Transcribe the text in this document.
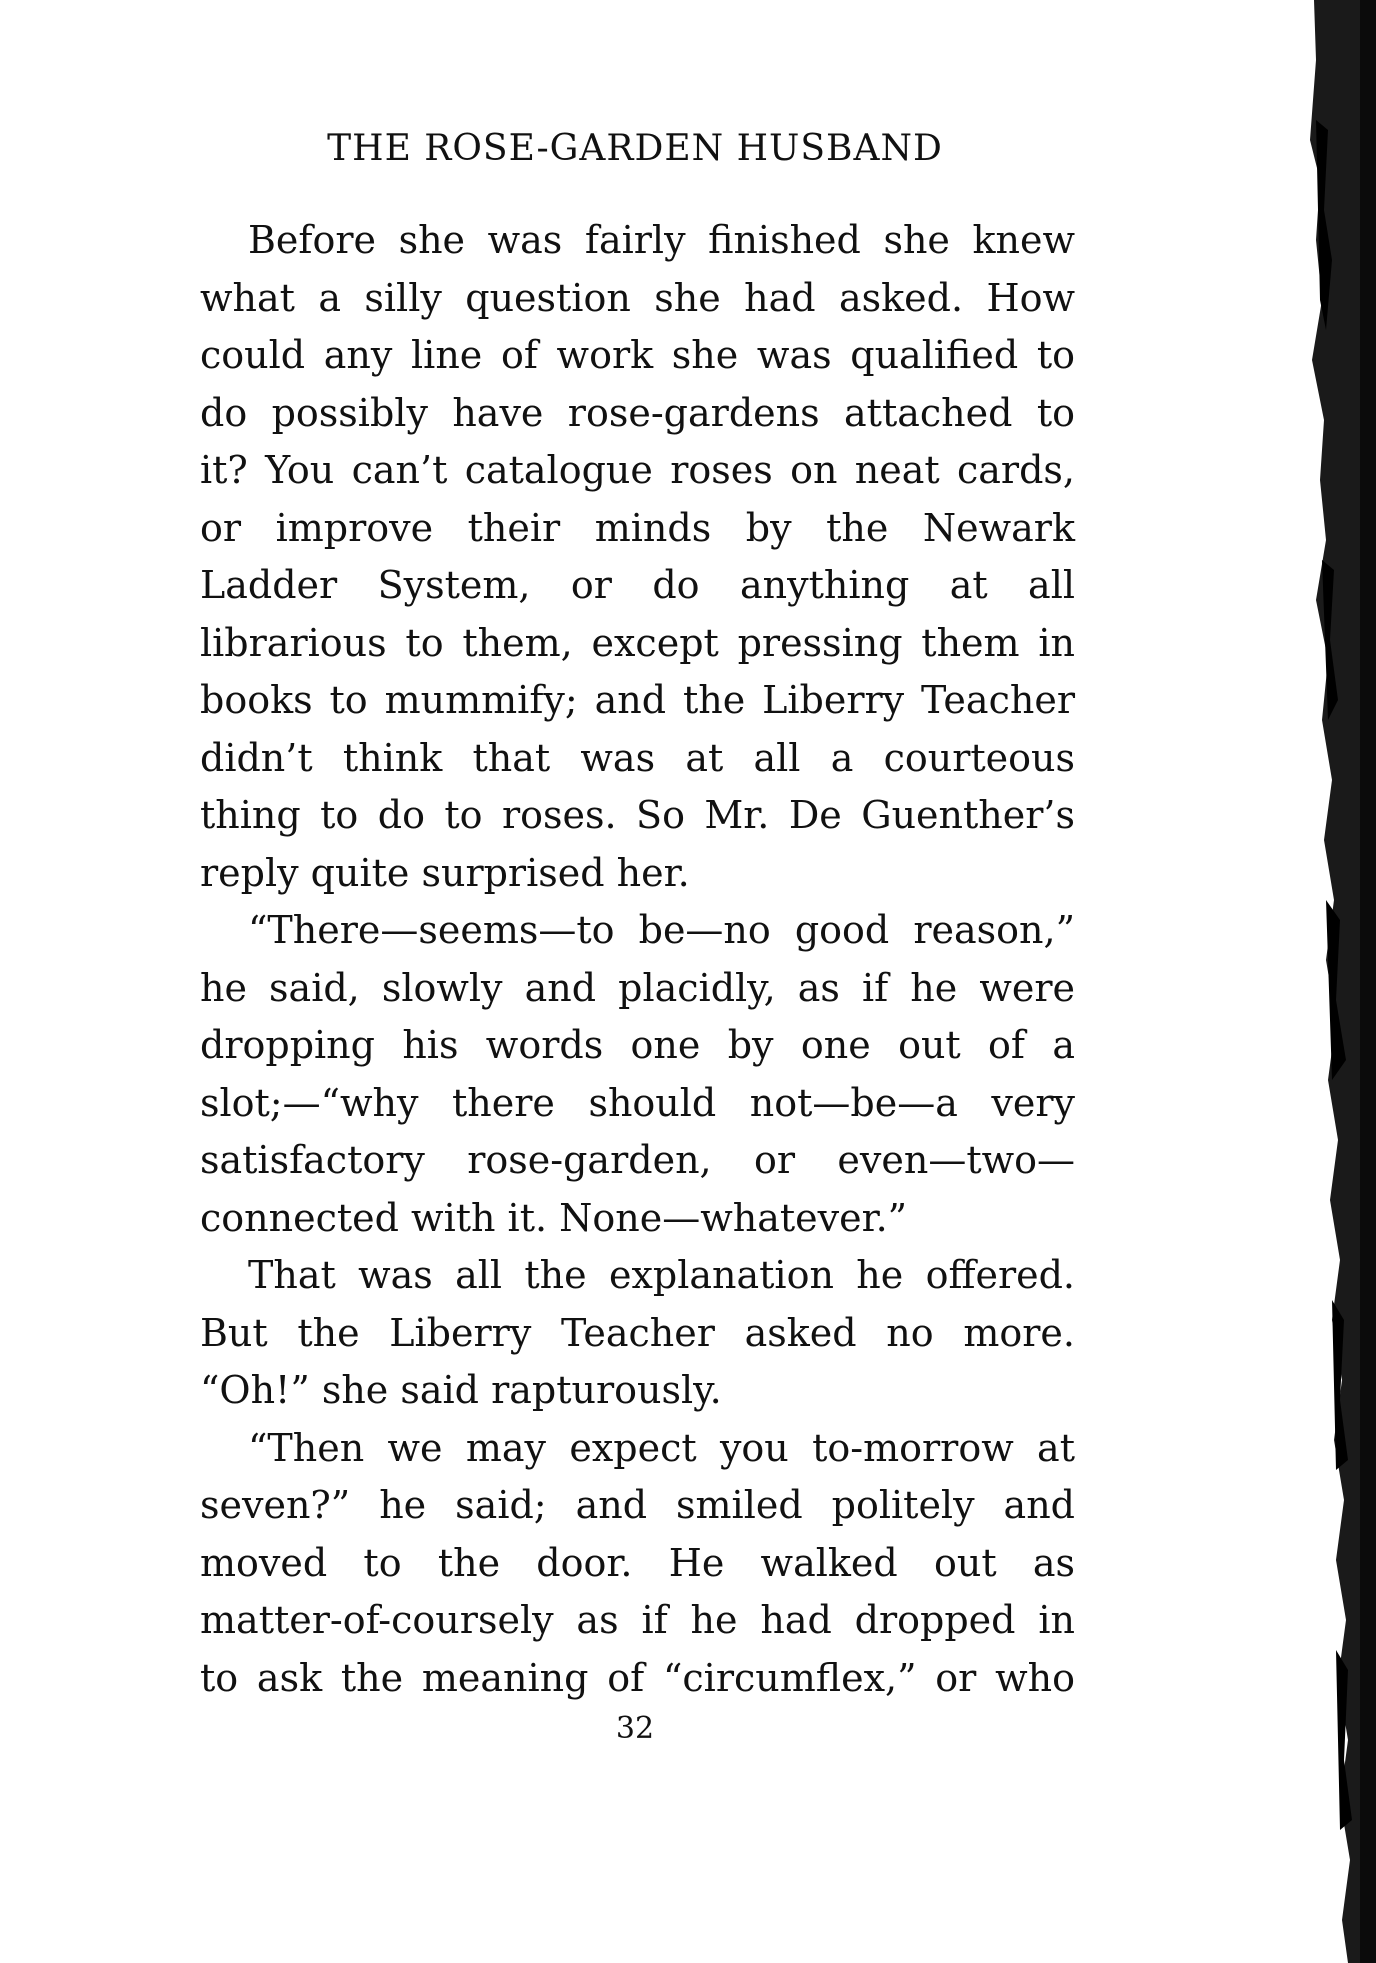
THE ROSE-GARDEN HUSBAND
Before she was fairly finished she knew
what a silly question she had asked. How
could any line of work she was qualified to
do possibly have rose-gardens attached to
it? You can’t catalogue roses on neat cards,
or improve their minds by the Newark
Ladder System, or do anything at all
librarious to them, except pressing them in
books to mummify; and the Liberry Teacher
didn’t think that was at all a courteous
thing to do to roses. So Mr. De Guenther’s
reply quite surprised her.
“There—seems—to be—no good reason,”
he said, slowly and placidly, as if he were
dropping his words one by one out of a
slot;—“why there should not—be—a very
satisfactory rose-garden, or even—two—
connected with it. None—whatever.”
That was all the explanation he offered.
But the Liberry Teacher asked no more.
“Oh!” she said rapturously.
“Then we may expect you to-morrow at
seven?” he said; and smiled politely and
moved to the door. He walked out as
matter-of-coursely as if he had dropped in
to ask the meaning of “circumflex,” or who
32
